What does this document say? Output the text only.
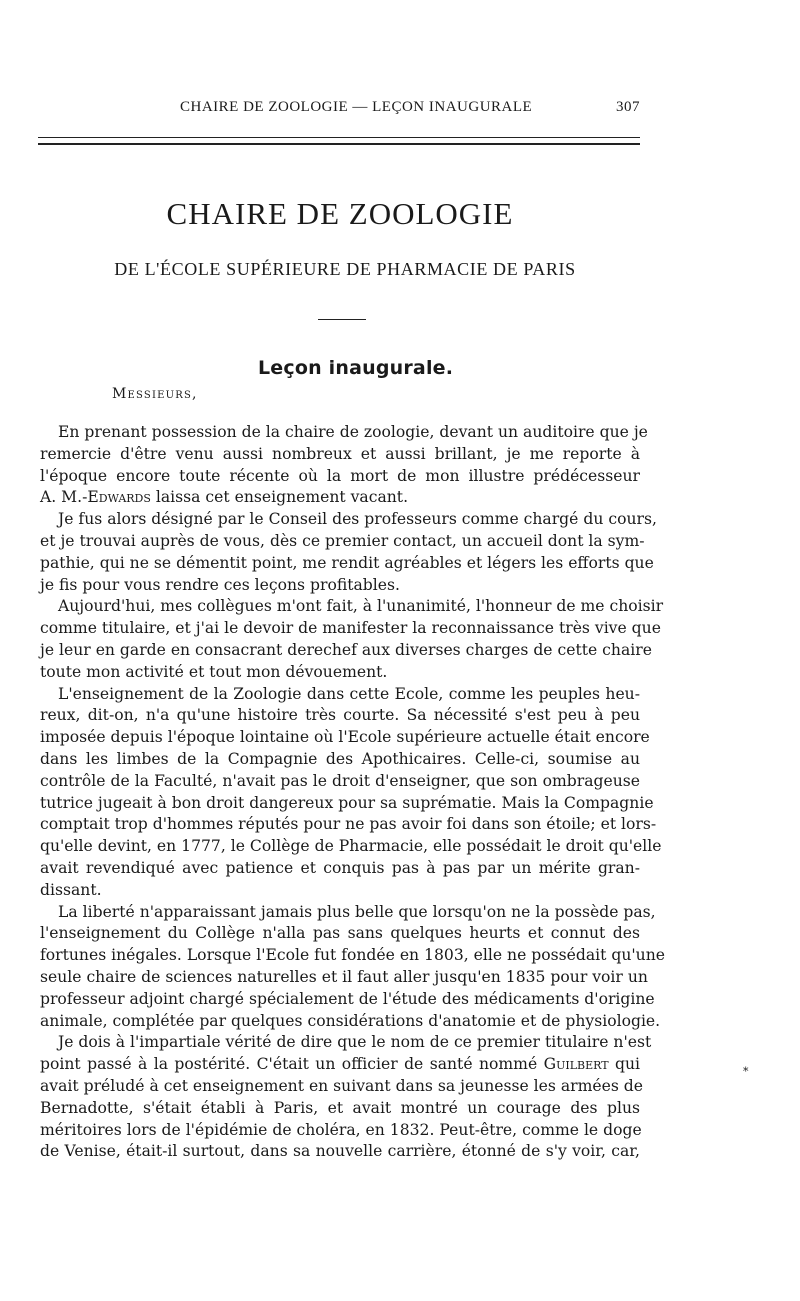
CHAIRE DE ZOOLOGIE — LEÇON INAUGURALE	307
CHAIRE DE ZOOLOGIE
DE L'ÉCOLE SUPÉRIEURE DE PHARMACIE DE PARIS
Leçon inaugurale.
Messieurs,
En prenant possession de la chaire de zoologie, devant un auditoire que je
remercie d'être venu aussi nombreux et aussi brillant, je me reporte à
l'époque encore toute récente où la mort de mon illustre prédécesseur
A. M.-Edwards laissa cet enseignement vacant.
Je fus alors désigné par le Conseil des professeurs comme chargé du cours,
et je trouvai auprès de vous, dès ce premier contact, un accueil dont la sym-
pathie, qui ne se démentit point, me rendit agréables et légers les efforts que
je fis pour vous rendre ces leçons profitables.
Aujourd'hui, mes collègues m'ont fait, à l'unanimité, l'honneur de me choisir
comme titulaire, et j'ai le devoir de manifester la reconnaissance très vive que
je leur en garde en consacrant derechef aux diverses charges de cette chaire
toute mon activité et tout mon dévouement.
L'enseignement de la Zoologie dans cette Ecole, comme les peuples heu-
reux, dit-on, n'a qu'une histoire très courte. Sa nécessité s'est peu à peu
imposée depuis l'époque lointaine où l'Ecole supérieure actuelle était encore
dans les limbes de la Compagnie des Apothicaires. Celle-ci, soumise au
contrôle de la Faculté, n'avait pas le droit d'enseigner, que son ombrageuse
tutrice jugeait à bon droit dangereux pour sa suprématie. Mais la Compagnie
comptait trop d'hommes réputés pour ne pas avoir foi dans son étoile; et lors-
qu'elle devint, en 1777, le Collège de Pharmacie, elle possédait le droit qu'elle
avait revendiqué avec patience et conquis pas à pas par un mérite gran-
dissant.
La liberté n'apparaissant jamais plus belle que lorsqu'on ne la possède pas,
l'enseignement du Collège n'alla pas sans quelques heurts et connut des
fortunes inégales. Lorsque l'Ecole fut fondée en 1803, elle ne possédait qu'une
seule chaire de sciences naturelles et il faut aller jusqu'en 1835 pour voir un
professeur adjoint chargé spécialement de l'étude des médicaments d'origine
animale, complétée par quelques considérations d'anatomie et de physiologie.
Je dois à l'impartiale vérité de dire que le nom de ce premier titulaire n'est
point passé à la postérité. C'était un officier de santé nommé Guilbert qui
avait préludé à cet enseignement en suivant dans sa jeunesse les armées de
Bernadotte, s'était établi à Paris, et avait montré un courage des plus
méritoires lors de l'épidémie de choléra, en 1832. Peut-être, comme le doge
de Venise, était-il surtout, dans sa nouvelle carrière, étonné de s'y voir, car,
*
